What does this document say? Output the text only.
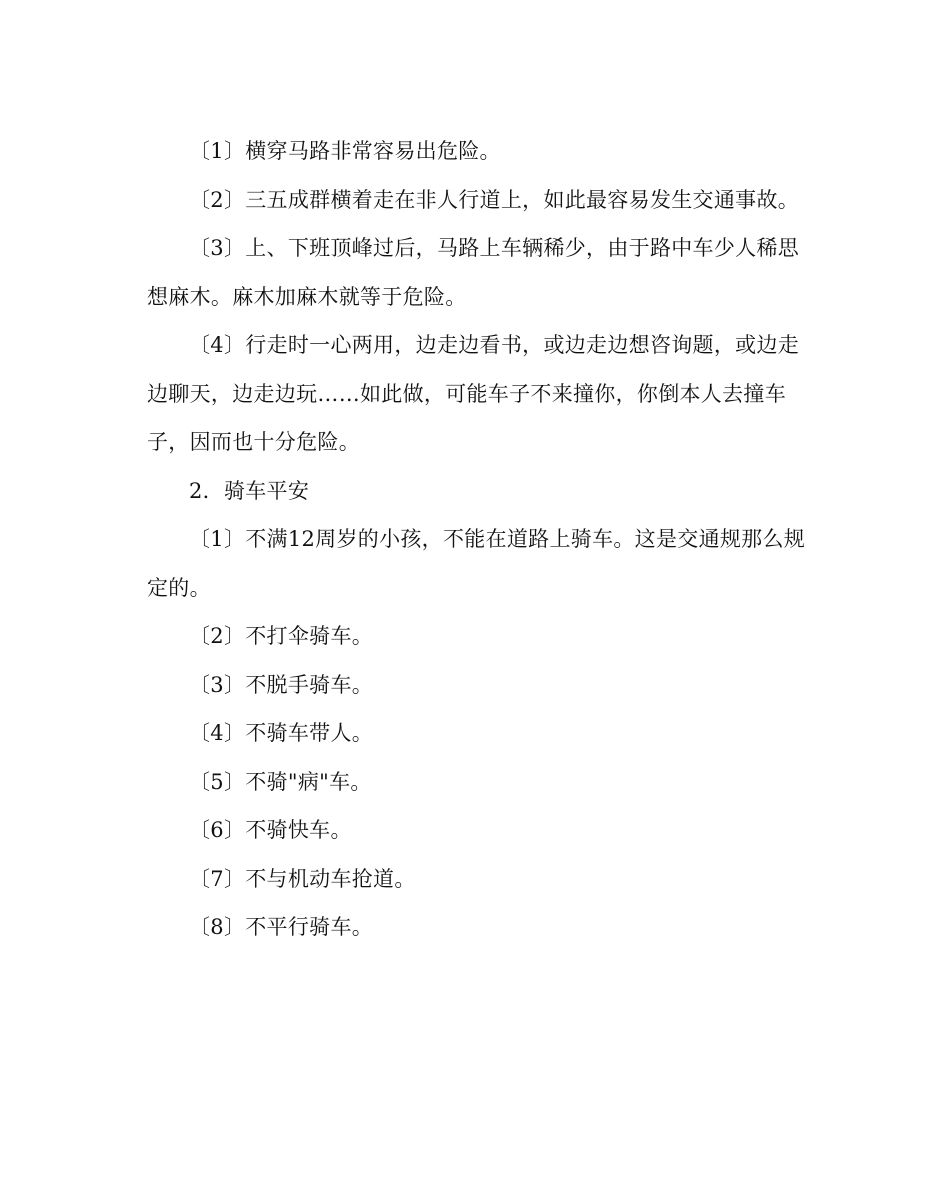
〔1〕横穿马路非常容易出危险。

〔2〕三五成群横着走在非人行道上，如此最容易发生交通事故。

〔3〕上、下班顶峰过后，马路上车辆稀少，由于路中车少人稀思想麻木。麻木加麻木就等于危险。

〔4〕行走时一心两用，边走边看书，或边走边想咨询题，或边走边聊天，边走边玩……如此做，可能车子不来撞你，你倒本人去撞车子，因而也十分危险。

2．骑车平安

〔1〕不满12周岁的小孩，不能在道路上骑车。这是交通规那么规定的。

〔2〕不打伞骑车。

〔3〕不脱手骑车。

〔4〕不骑车带人。

〔5〕不骑"病"车。

〔6〕不骑快车。

〔7〕不与机动车抢道。

〔8〕不平行骑车。
